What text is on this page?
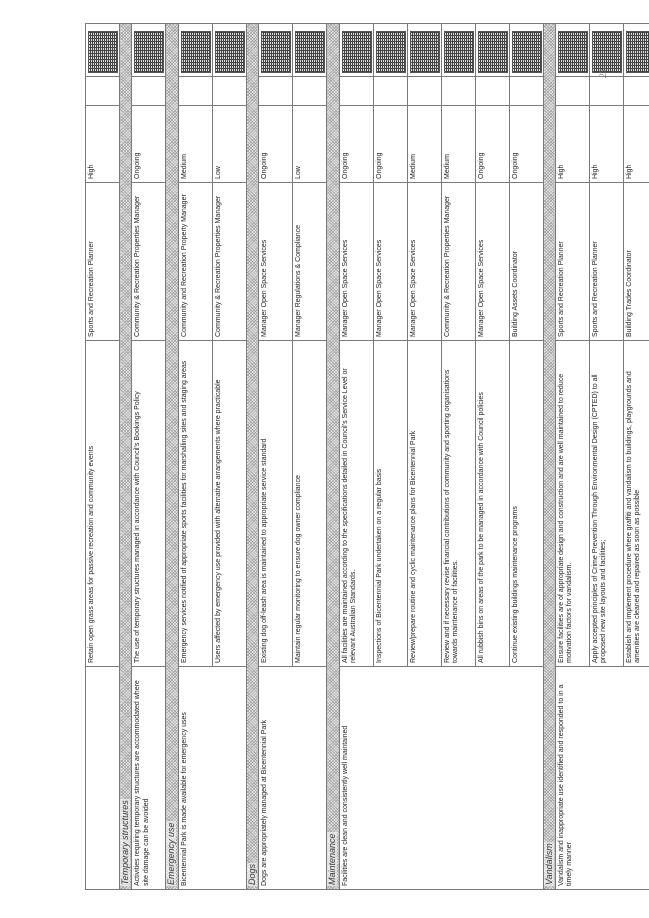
	Retain open grass areas for passive recreation and community events	Sports and Recreation Planner	High		

Temporary structures					
Activities requiring temporary structures are accommodated where site damage can be avoided	The use of temporary structures managed in accordance with Council's Bookings Policy	Community & Recreation Properties Manager	Ongoing		

Emergency use					
Bicentennial Park is made available for emergency uses	Emergency services notified of appropriate sports facilities for marshalling sites and staging areas	Community and Recreation Property Manager	Medium		

	Users affected by emergency use provided with alternative arrangements where practicable	Community & Recreation Properties Manager	Low		

Dogs					
Dogs are appropriately managed at Bicentennial Park	Existing dog off-leash area is maintained to appropriate service standard	Manager Open Space Services	Ongoing		

	Maintain regular monitoring to ensure dog owner compliance	Manager Regulations & Compliance	Low		

Maintenance					
Facilities are clean and consistently well maintained	All facilities are maintained according to the specifications detailed in Council's Service Level or relevant Australian Standards.	Manager Open Space Services	Ongoing		

	Inspections of Bicentennial Park undertaken on a regular basis	Manager Open Space Services	Ongoing		

	Review/prepare routine and cyclic maintenance plans for Bicentennial Park	Manager Open Space Services	Medium		

	Review and if necessary revise financial contributions of community and sporting organisations towards maintenance of facilities.	Community & Recreation Properties Manager	Medium		

	All rubbish bins on areas of the park to be managed in accordance with Council policies	Manager Open Space Services	Ongoing		

	Continue existing buildings maintenance programs	Building Assets Coordinator	Ongoing		

Vandalism					
Vandalism and inappropriate use identified and responded to in a timely manner	Ensure facilities are of appropriate design and construction and are well maintained to reduce motivation factors for vandalism.	Sports and Recreation Planner	High		

	Apply accepted principles of Crime Prevention Through Environmental Design (CPTED) to all proposed new site layouts and facilities;	Sports and Recreation Planner	High		

	Establish and implement procedure where graffiti and vandalism to buildings, playgrounds and amenities are cleaned and repaired as soon as possible	Building Trades Coordinator	High		
23
